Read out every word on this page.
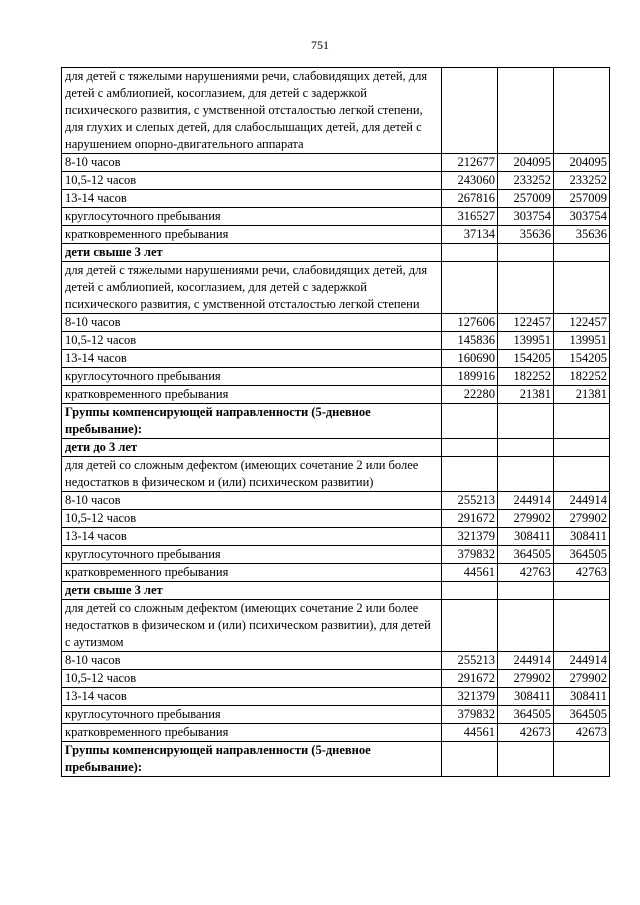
751
для детей с тяжелыми нарушениями речи, слабовидящих детей, для детей с амблиопией, косоглазием, для детей с задержкой психического развития, с умственной отсталостью легкой степени, для глухих и слепых детей, для слабослышащих детей, для детей с нарушением опорно-двигательного аппарата			
8-10 часов	212677	204095	204095
10,5-12 часов	243060	233252	233252
13-14 часов	267816	257009	257009
круглосуточного пребывания	316527	303754	303754
кратковременного пребывания	37134	35636	35636
дети свыше 3 лет			
для детей с тяжелыми нарушениями речи, слабовидящих детей, для детей с амблиопией, косоглазием, для детей с задержкой психического развития, с умственной отсталостью легкой степени			
8-10 часов	127606	122457	122457
10,5-12 часов	145836	139951	139951
13-14 часов	160690	154205	154205
круглосуточного пребывания	189916	182252	182252
кратковременного пребывания	22280	21381	21381
Группы компенсирующей направленности (5-дневное пребывание):			
дети до 3 лет			
для детей со сложным дефектом (имеющих сочетание 2 или более недостатков в физическом и (или) психическом развитии)			
8-10 часов	255213	244914	244914
10,5-12 часов	291672	279902	279902
13-14 часов	321379	308411	308411
круглосуточного пребывания	379832	364505	364505
кратковременного пребывания	44561	42763	42763
дети свыше 3 лет			
для детей со сложным дефектом (имеющих сочетание 2 или более недостатков в физическом и (или) психическом развитии), для детей с аутизмом			
8-10 часов	255213	244914	244914
10,5-12 часов	291672	279902	279902
13-14 часов	321379	308411	308411
круглосуточного пребывания	379832	364505	364505
кратковременного пребывания	44561	42673	42673
Группы компенсирующей направленности (5-дневное пребывание):			
